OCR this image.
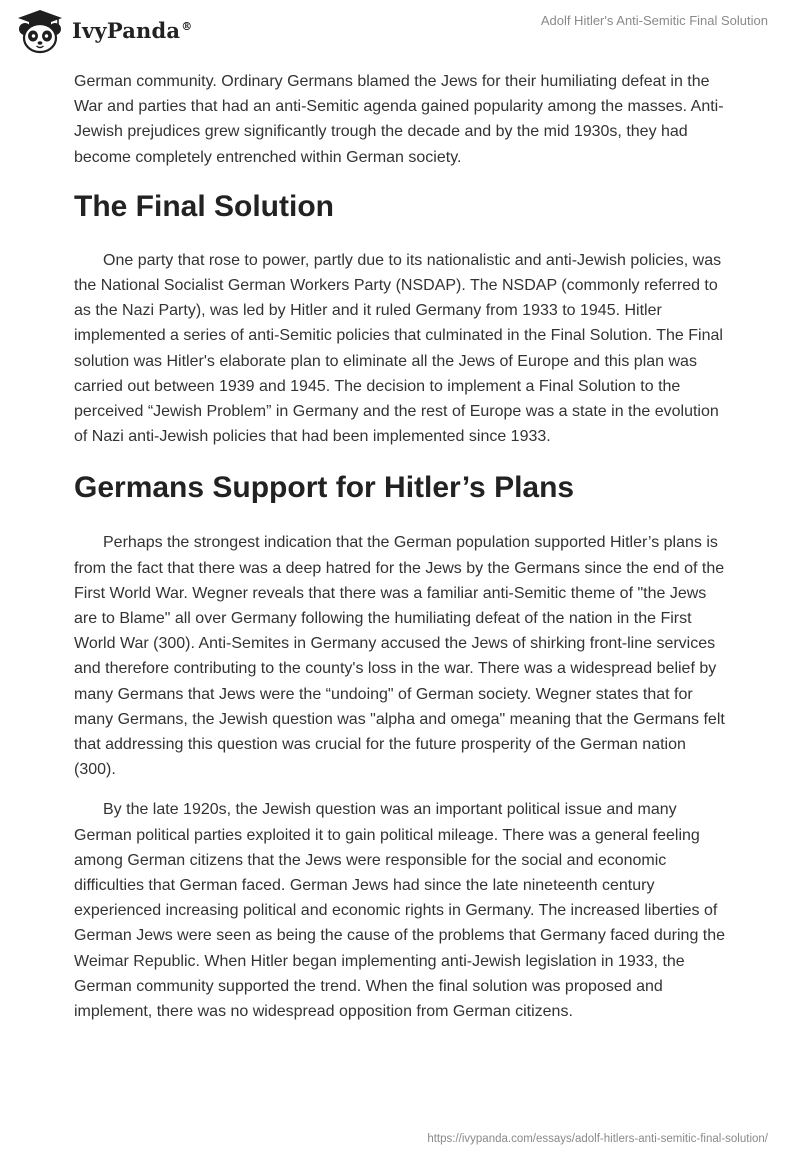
IvyPanda®	Adolf Hitler's Anti-Semitic Final Solution

German community. Ordinary Germans blamed the Jews for their humiliating defeat in the War and parties that had an anti-Semitic agenda gained popularity among the masses. Anti-Jewish prejudices grew significantly trough the decade and by the mid 1930s, they had become completely entrenched within German society.

The Final Solution

One party that rose to power, partly due to its nationalistic and anti-Jewish policies, was the National Socialist German Workers Party (NSDAP). The NSDAP (commonly referred to as the Nazi Party), was led by Hitler and it ruled Germany from 1933 to 1945. Hitler implemented a series of anti-Semitic policies that culminated in the Final Solution. The Final solution was Hitler's elaborate plan to eliminate all the Jews of Europe and this plan was carried out between 1939 and 1945. The decision to implement a Final Solution to the perceived “Jewish Problem” in Germany and the rest of Europe was a state in the evolution of Nazi anti-Jewish policies that had been implemented since 1933.

Germans Support for Hitler’s Plans

Perhaps the strongest indication that the German population supported Hitler’s plans is from the fact that there was a deep hatred for the Jews by the Germans since the end of the First World War. Wegner reveals that there was a familiar anti-Semitic theme of "the Jews are to Blame" all over Germany following the humiliating defeat of the nation in the First World War (300). Anti-Semites in Germany accused the Jews of shirking front-line services and therefore contributing to the county's loss in the war. There was a widespread belief by many Germans that Jews were the “undoing" of German society. Wegner states that for many Germans, the Jewish question was "alpha and omega" meaning that the Germans felt that addressing this question was crucial for the future prosperity of the German nation (300).

By the late 1920s, the Jewish question was an important political issue and many German political parties exploited it to gain political mileage. There was a general feeling among German citizens that the Jews were responsible for the social and economic difficulties that German faced. German Jews had since the late nineteenth century experienced increasing political and economic rights in Germany. The increased liberties of German Jews were seen as being the cause of the problems that Germany faced during the Weimar Republic. When Hitler began implementing anti-Jewish legislation in 1933, the German community supported the trend. When the final solution was proposed and implement, there was no widespread opposition from German citizens.

https://ivypanda.com/essays/adolf-hitlers-anti-semitic-final-solution/
